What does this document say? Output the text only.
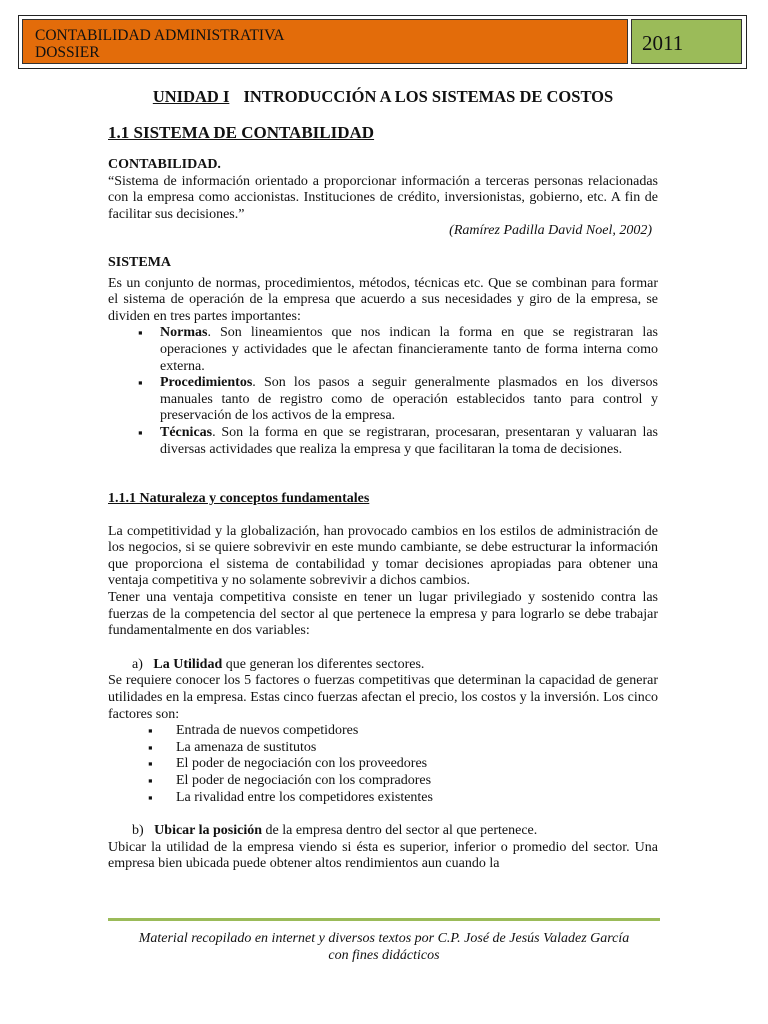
CONTABILIDAD ADMINISTRATIVA
DOSSIER	2011
UNIDAD I INTRODUCCIÓN A LOS SISTEMAS DE COSTOS
1.1 SISTEMA DE CONTABILIDAD
CONTABILIDAD.
“Sistema de información orientado a proporcionar información a terceras personas relacionadas con la empresa como accionistas. Instituciones de crédito, inversionistas, gobierno, etc. A fin de facilitar sus decisiones.”
(Ramírez Padilla David Noel, 2002)
SISTEMA
Es un conjunto de normas, procedimientos, métodos, técnicas etc. Que se combinan para formar el sistema de operación de la empresa que acuerdo a sus necesidades y giro de la empresa, se dividen en tres partes importantes:
▪ Normas. Son lineamientos que nos indican la forma en que se registraran las operaciones y actividades que le afectan financieramente tanto de forma interna como externa.
▪ Procedimientos. Son los pasos a seguir generalmente plasmados en los diversos manuales tanto de registro como de operación establecidos tanto para control y preservación de los activos de la empresa.
▪ Técnicas. Son la forma en que se registraran, procesaran, presentaran y valuaran las diversas actividades que realiza la empresa y que facilitaran la toma de decisiones.
1.1.1 Naturaleza y conceptos fundamentales
La competitividad y la globalización, han provocado cambios en los estilos de administración de los negocios, si se quiere sobrevivir en este mundo cambiante, se debe estructurar la información que proporciona el sistema de contabilidad y tomar decisiones apropiadas para obtener una ventaja competitiva y no solamente sobrevivir a dichos cambios.
Tener una ventaja competitiva consiste en tener un lugar privilegiado y sostenido contra las fuerzas de la competencia del sector al que pertenece la empresa y para lograrlo se debe trabajar fundamentalmente en dos variables:
a) La Utilidad que generan los diferentes sectores.
Se requiere conocer los 5 factores o fuerzas competitivas que determinan la capacidad de generar utilidades en la empresa. Estas cinco fuerzas afectan el precio, los costos y la inversión. Los cinco factores son:
▪ Entrada de nuevos competidores
▪ La amenaza de sustitutos
▪ El poder de negociación con los proveedores
▪ El poder de negociación con los compradores
▪ La rivalidad entre los competidores existentes
b) Ubicar la posición de la empresa dentro del sector al que pertenece.
Ubicar la utilidad de la empresa viendo si ésta es superior, inferior o promedio del sector. Una empresa bien ubicada puede obtener altos rendimientos aun cuando la
Material recopilado en internet y diversos textos por C.P. José de Jesús Valadez García
con fines didácticos
